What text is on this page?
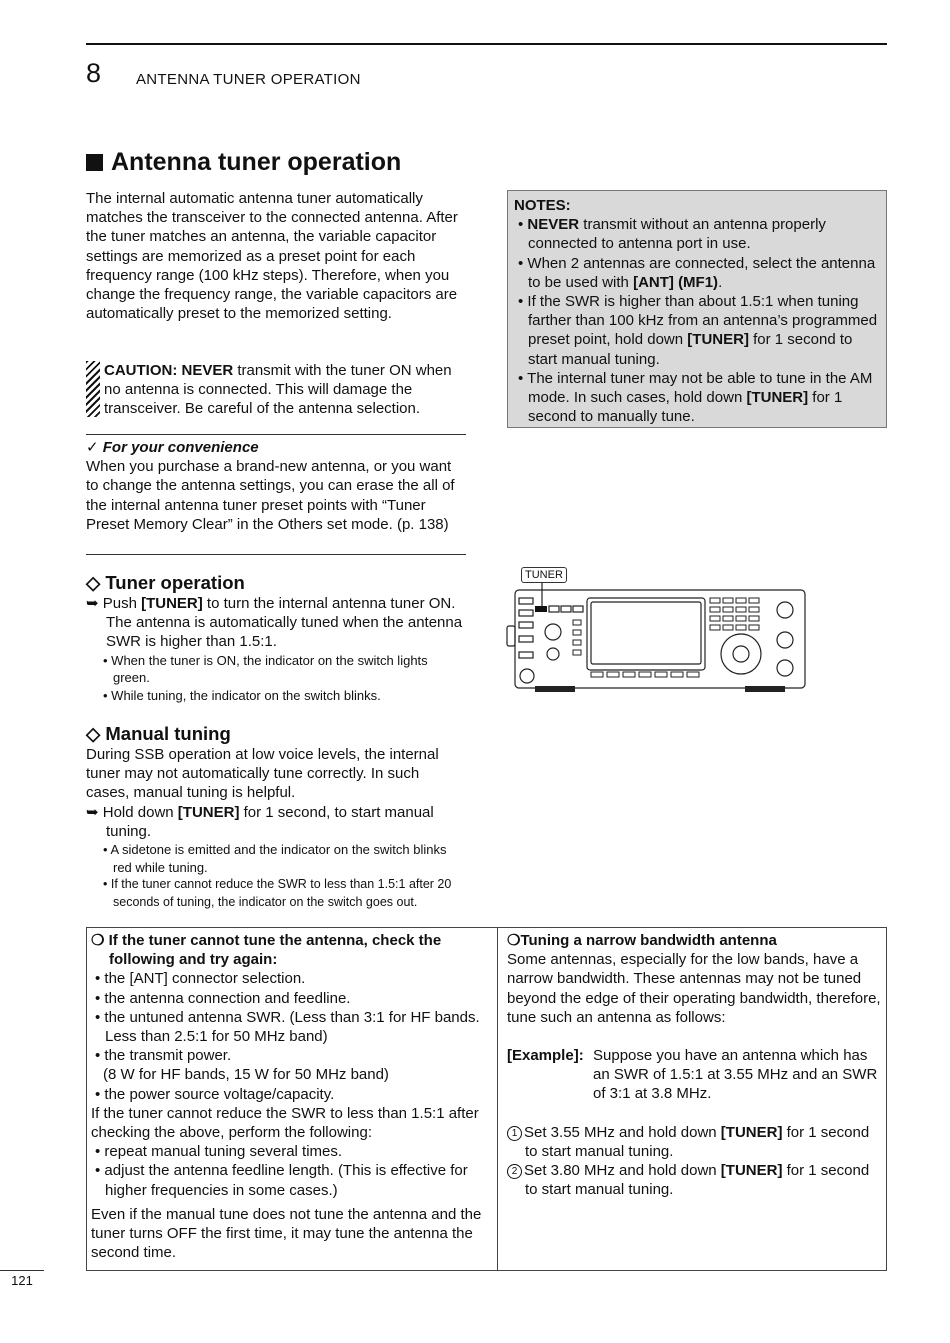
8 ANTENNA TUNER OPERATION
Antenna tuner operation
The internal automatic antenna tuner automatically matches the transceiver to the connected antenna. After the tuner matches an antenna, the variable capacitor settings are memorized as a preset point for each frequency range (100 kHz steps). Therefore, when you change the frequency range, the variable capacitors are automatically preset to the memorized setting.
CAUTION: NEVER transmit with the tuner ON when no antenna is connected. This will damage the transceiver. Be careful of the antenna selection.
✓ For your convenience
When you purchase a brand-new antenna, or you want to change the antenna settings, you can erase the all of the internal antenna tuner preset points with “Tuner Preset Memory Clear” in the Others set mode. (p. 138)
NOTES:
• NEVER transmit without an antenna properly connected to antenna port in use.
• When 2 antennas are connected, select the antenna to be used with [ANT] (MF1).
• If the SWR is higher than about 1.5:1 when tuning farther than 100 kHz from an antenna’s programmed preset point, hold down [TUNER] for 1 second to start manual tuning.
• The internal tuner may not be able to tune in the AM mode. In such cases, hold down [TUNER] for 1 second to manually tune.
◇ Tuner operation
➥ Push [TUNER] to turn the internal antenna tuner ON. The antenna is automatically tuned when the antenna SWR is higher than 1.5:1.
• When the tuner is ON, the indicator on the switch lights green.
• While tuning, the indicator on the switch blinks.
◇ Manual tuning
During SSB operation at low voice levels, the internal tuner may not automatically tune correctly. In such cases, manual tuning is helpful.
➥ Hold down [TUNER] for 1 second, to start manual tuning.
• A sidetone is emitted and the indicator on the switch blinks red while tuning.
• If the tuner cannot reduce the SWR to less than 1.5:1 after 20 seconds of tuning, the indicator on the switch goes out.
TUNER
❍ If the tuner cannot tune the antenna, check the following and try again:
• the [ANT] connector selection.
• the antenna connection and feedline.
• the untuned antenna SWR. (Less than 3:1 for HF bands. Less than 2.5:1 for 50 MHz band)
• the transmit power.
(8 W for HF bands, 15 W for 50 MHz band)
• the power source voltage/capacity.
If the tuner cannot reduce the SWR to less than 1.5:1 after checking the above, perform the following:
• repeat manual tuning several times.
• adjust the antenna feedline length. (This is effective for higher frequencies in some cases.)
Even if the manual tune does not tune the antenna and the tuner turns OFF the first time, it may tune the antenna the second time.
❍Tuning a narrow bandwidth antenna
Some antennas, especially for the low bands, have a narrow bandwidth. These antennas may not be tuned beyond the edge of their operating bandwidth, therefore, tune such an antenna as follows:
[Example]: Suppose you have an antenna which has an SWR of 1.5:1 at 3.55 MHz and an SWR of 3:1 at 3.8 MHz.
1 Set 3.55 MHz and hold down [TUNER] for 1 second to start manual tuning.
2 Set 3.80 MHz and hold down [TUNER] for 1 second to start manual tuning.
121
